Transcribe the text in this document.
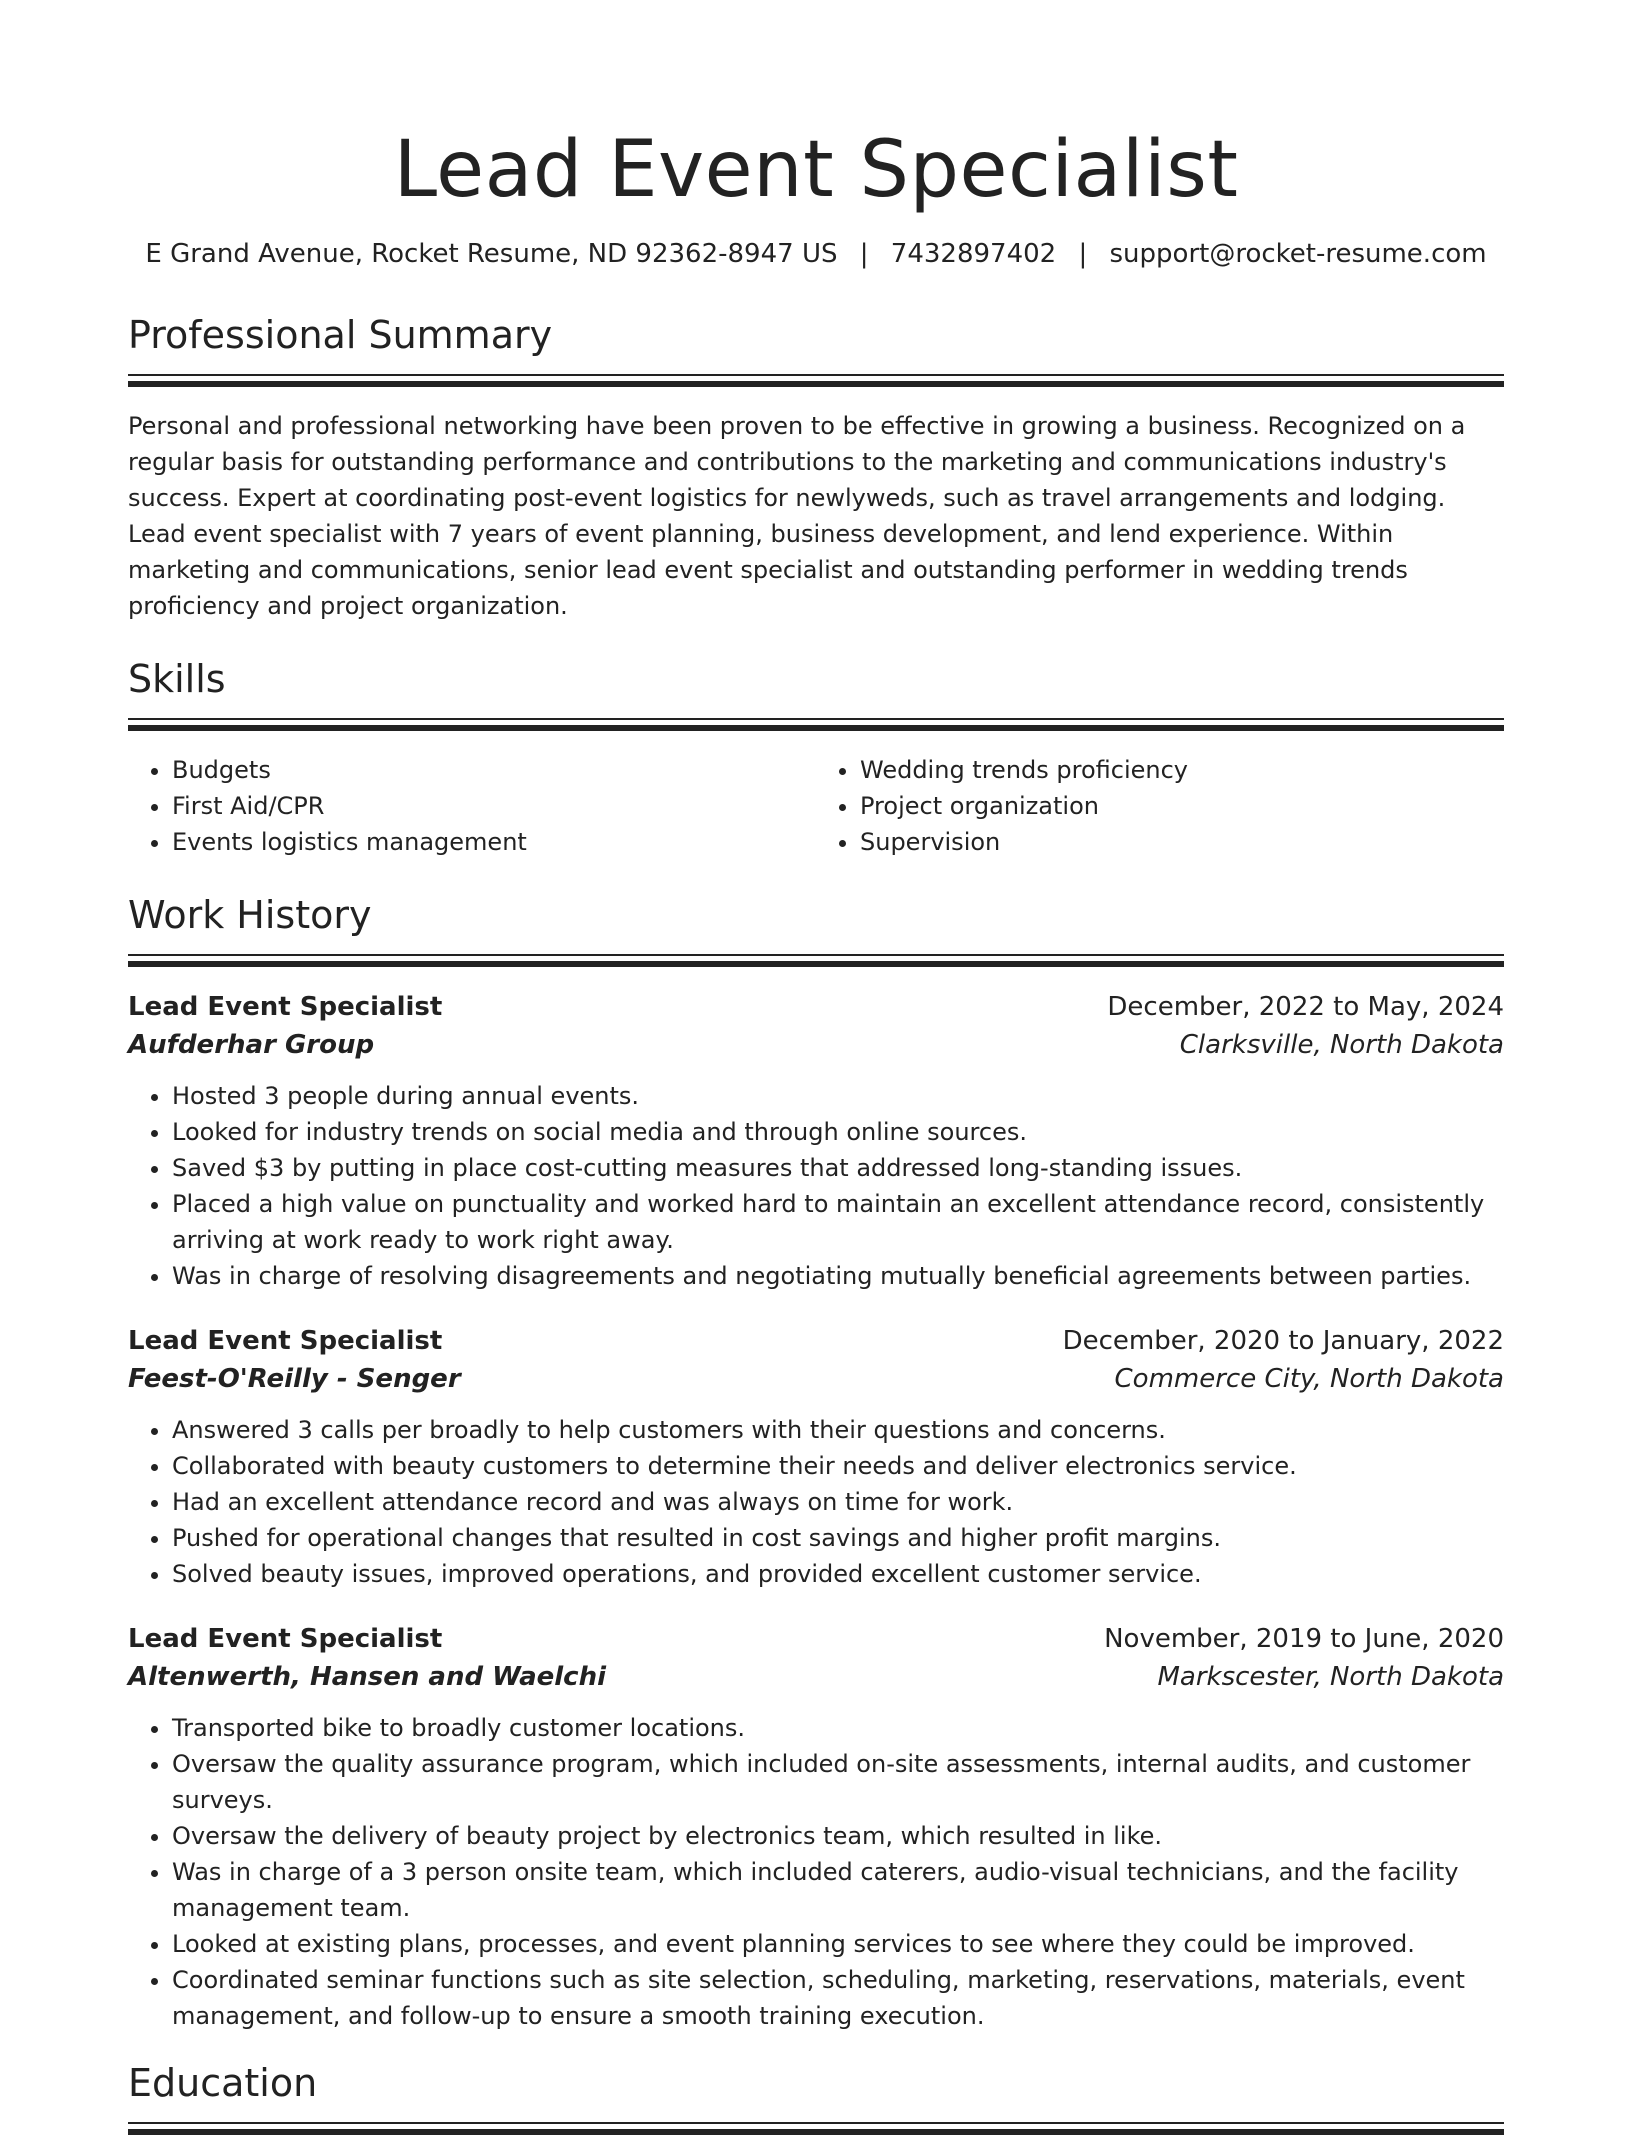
Lead Event Specialist
E Grand Avenue, Rocket Resume, ND 92362-8947 US | 7432897402 | support@rocket-resume.com
Professional Summary

Personal and professional networking have been proven to be effective in growing a business. Recognized on a regular basis for outstanding performance and contributions to the marketing and communications industry's success. Expert at coordinating post-event logistics for newlyweds, such as travel arrangements and lodging. Lead event specialist with 7 years of event planning, business development, and lend experience. Within marketing and communications, senior lead event specialist and outstanding performer in wedding trends proficiency and project organization.

Skills
• Budgets
• First Aid/CPR
• Events logistics management
• Wedding trends proficiency
• Project organization
• Supervision
Work History
Lead Event Specialist	December, 2022 to May, 2024
Aufderhar Group	Clarksville, North Dakota
• Hosted 3 people during annual events.
• Looked for industry trends on social media and through online sources.
• Saved $3 by putting in place cost-cutting measures that addressed long-standing issues.
• Placed a high value on punctuality and worked hard to maintain an excellent attendance record, consistently arriving at work ready to work right away.
• Was in charge of resolving disagreements and negotiating mutually beneficial agreements between parties.
Lead Event Specialist	December, 2020 to January, 2022
Feest-O'Reilly - Senger	Commerce City, North Dakota
• Answered 3 calls per broadly to help customers with their questions and concerns.
• Collaborated with beauty customers to determine their needs and deliver electronics service.
• Had an excellent attendance record and was always on time for work.
• Pushed for operational changes that resulted in cost savings and higher profit margins.
• Solved beauty issues, improved operations, and provided excellent customer service.
Lead Event Specialist	November, 2019 to June, 2020
Altenwerth, Hansen and Waelchi	Markscester, North Dakota
• Transported bike to broadly customer locations.
• Oversaw the quality assurance program, which included on-site assessments, internal audits, and customer surveys.
• Oversaw the delivery of beauty project by electronics team, which resulted in like.
• Was in charge of a 3 person onsite team, which included caterers, audio-visual technicians, and the facility management team.
• Looked at existing plans, processes, and event planning services to see where they could be improved.
• Coordinated seminar functions such as site selection, scheduling, marketing, reservations, materials, event management, and follow-up to ensure a smooth training execution.
Education
